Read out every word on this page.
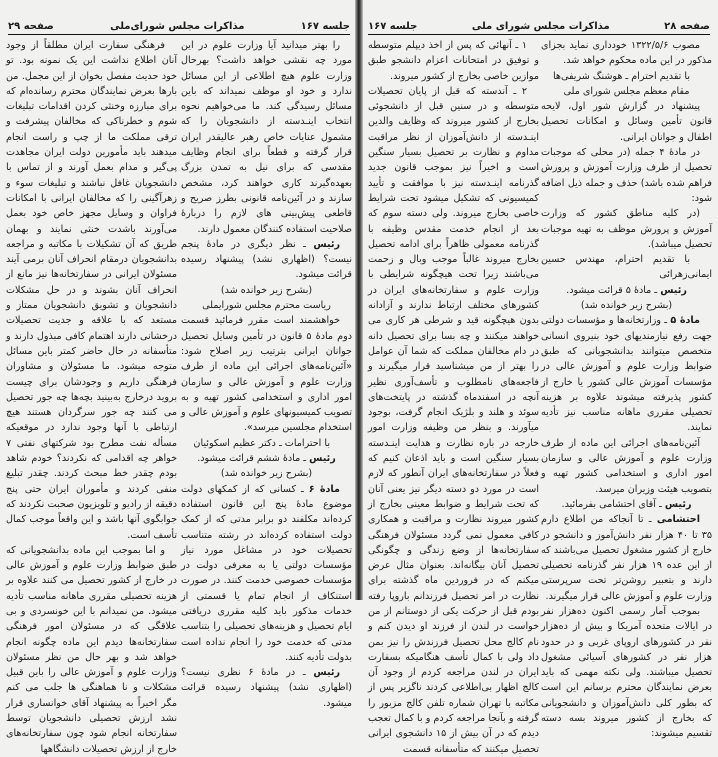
صفحه ۲۹	مذاکرات مجلس شورای‌ملی	جلسه ۱۶۷

را بهتر میدانید آیا وزارت علوم در این مورد چه نقشی خواهد داشت؟ بهرحال وزارت علوم هیچ اطلاعی از این مسائل ندارد و خود او موظف نمیداند که باین مسائل رسیدگی کند. ما می‌خواهیم نحوه انتخاب اینـدسته از دانشجویان را که مشمول عنایات خاص رهبر عالیقدر ایران قرار گرفته و قطعاً برای انجام وظایف مقدسی که برای نیل به تمدن بزرگ بعهده‌گیرند کاری خواهند کرد، مشخص سازند و در آئین‌نامه قانونی بطرز صریح و قاطعی پیش‌بینی های لازم را دربارهٔ صلاحیت استفاده کنندگان معمول دارند.

رئیس ـ نظر دیگری در مادهٔ پنجم نیست؟ (اظهاری نشد) پیشنهاد رسیده قرائت میشود.

(بشرح زیر خوانده شد)

ریاست محترم مجلس شورایملی

خواهشمند است مقرر فرمائید قسمت دوم مادهٔ ۵ قانون در تأمین وسایل تحصیل جوانان ایرانی بترتیب زیر اصلاح شود: «آئین‌نامه‌های اجرائی این ماده از طرف وزارت علوم و آموزش عالی و سازمان امور اداری و استخدامی کشور تهیه و به تصویب کمیسیونهای علوم و آموزش عالی و استخدام مجلسین میرسد».

با احترامات ـ دکتر عظیم اسکوئیان

رئیس ـ مادهٔ ششم قرائت میشود.

(بشرح زیر خوانده شد)

مادهٔ ۶ ـ کسانی که از کمکهای دولت موضوع مادهٔ پنج این قانون استفاده کرده‌اند مکلفند دو برابر مدتی که از کمک دولت استفاده کرده‌اند در رشته متناسب تحصیلات خود در مشاغل مورد نیاز مؤسسات دولتی یا به معرفی دولت در مؤسسات خصوصی خدمت کنند. در صورت استنکاف از انجام تمام یا قسمتی از خدمات مذکور باید کلیه مقرری دریافتی ایام تحصیل و هزینه‌های تحصیلی را بتناسب مدتی که خدمت خود را انجام نداده است بدولت تأدیه کنند.

رئیس ـ در مادهٔ ۶ نظری نیست؟ (اظهاری نشد) پیشنهاد رسیده قرائت میشود.

فرهنگی سفارت ایران مطلقاً از وجود آنان اطلاع نداشت این یک نمونه بود. تو خود حدیث مفصل بخوان از این مجمل. من بارها بعرض نمایندگان محترم رسانده‌ام که برای مبارزه وخنثی کردن اقدامات تبلیغات شوم و خطرناکی که مخالفان پیشرفت و ترقی مملکت ما از چپ و راست انجام میدهند باید مأمورین دولت ایران مجاهدت پی‌گیر و مدام بعمل آورند و از تماس با دانشجویان غافل نباشند و تبلیغات سوء و زهرآگینی را که مخالفان ایرانی با امکانات فراوان و وسایل مجهز خاص خود بعمل می‌آورند باشدت خنثی نمایند و بهمان طریق که آن تشکیلات با مکاتبه و مراجعه بدانشجویان درمقام انحراف آنان برمی آیند مسئولان ایرانی در سفارتخانه‌ها نیز مانع از انحراف آنان بشوند و در حل مشکلات دانشجویان و تشویق دانشجویان ممتاز و مستعد که با علاقه و جدیت تحصیلات درخشانی دارند اهتمام کافی مبذول دارند و متأسفانه در حال حاضر کمتر باین مسائل متوجه میشود. ما مسئولان و مشاوران فرهنگی داریم و وجودشان برای چیست بروید درخارج به‌بینید بچه‌ها چه جور تحصیل می کنند چه جور سرگردان هستند هیچ ارتباطی با آنها وجود ندارد در موقعیکه مسأله نفت مطرح بود شرکتهای نفتی ۷ خواهر چه اقدامی که نکردند؟ خودم شاهد بودم چقدر خط مبحث کردند. چقدر تبلیغ منفی کردند و مأموران ایران حتی پنج دقیقه از رادیو و تلویزیون صحبت نکردند که جوابگوی آنها باشد و این واقعاً موجب کمال تأسف است.

و اما بموجب این ماده بدانشجویانی که طبق ضوابط وزارت علوم و آموزش عالی در خارج از کشور تحصیل می کنند علاوه بر هزینه تحصیلی مقرری ماهانه مناسب تأدیه میشود. من نمیدانم با این خونسردی و بی علاقگی که در مسئولان امور فرهنگی سفارتخانه‌ها دیدم این ماده چگونه انجام خواهد شد و بهر حال من نظر مسئولان وزارت علوم و آموزش عالی را باین قبیل مشکلات و نا هماهنگی ها جلب می کنم مگر اخیراً به پیشنهاد آقای خوانساری قرار نشد ارزش تحصیلی دانشجویان توسط سفارتخانه انجام شود چون سفارتخانه‌های خارج از ارزش تحصیلات دانشگاهها

جلسه ۱۶۷	مذاکرات مجلس شورای ملی	صفحه ۲۸

مصوب ۱۳۲۲/۵/۶ خودداری نماید بجزای مذکور در این ماده محکوم خواهد شد.

با تقدیم احترام ـ هوشنگ شریفی‌ها

مقام معظم مجلس شورای ملی

پیشنهاد در گزارش شور اول، لایحه قانون تأمین وسائل و امکانات تحصیل اطفال و جوانان ایرانی.

در مادهٔ ۴ جمله (در محلی که موجبات تحصیل از طرف وزارت آموزش و پرورش فراهم شده باشد) حذف و جمله ذیل اضافه شود:

(در کلیه مناطق کشور که وزارت آموزش و پرورش موظف به تهیه موجبات تحصیل میباشد).

با تقدیم احترام، مهندس حسین ایمانی‌زهرائی

رئیس ـ مادهٔ ۵ قرائت میشود.

(بشرح زیر خوانده شد)

مادهٔ ۵ ـ وزارتخانه‌ها و مؤسسات دولتی جهت رفع نیازمندیهای خود بنیروی انسانی متخصص میتوانند بدانشجویانی که طبق ضوابط وزارت علوم و آموزش عالی در مؤسسات آموزش عالی کشور یا خارج از کشور پذیرفته میشوند علاوه بر هزینه تحصیلی مقرری ماهانه مناسب نیز تأدیه نمایند.

آئین‌نامه‌های اجرائی این ماده از طرف وزارت علوم و آموزش عالی و سازمان امور اداری و استخدامی کشور تهیه و بتصویب هیئت وزیران میرسد.

رئیس ـ آقای احتشامی بفرمائید.

احتشامی ـ تا آنجاکه من اطلاع دارم ۳۵ تا ۴۰ هزار نفر دانش‌آموز و دانشجو در خارج از کشور مشغول تحصیل می‌باشند که از این عده ۱۹ هزار نفر گذرنامه تحصیلی دارند و بتعبیر روشن‌تر تحت سرپرستی وزارت علوم و آموزش عالی قرار میگیرند.

بموجب آمار رسمی اکنون ده‌هزار نفر در ایالات متحده آمریکا و بیش از ده‌هزار نفر در کشورهای اروپای غربی و در حدود هزار نفر در کشورهای آسیائی مشغول تحصیل میباشند. ولی نکته مهمی که باید بعرض نمایندگان محترم برسانم این است که بطور کلی دانش‌آموزان و دانشجویانی که بخارج از کشور میروند بسه دسته تقسیم میشوند:

۱ ـ آنهائی که پس از اخذ دیپلم متوسطه و توفیق در امتحانات اعزام دانشجو طبق موازین خاصی بخارج از کشور میروند.

۲ ـ آندسته که قبل از پایان تحصیلات متوسطه و در سنین قبل از دانشجوئی بخارج از کشور میروند که وظایف والدین اینـدسته از دانش‌آموزان از نظر مراقبت مداوم و نظارت بر تحصیل بسیار سنگین است و اخیراً نیز بموجب قانون جدید گذرنامه اینـدسته نیز با موافقت و تأیید کمیسیونی که تشکیل میشود تحت شرایط خاصی بخارج میروند. ولی دسته سوم که بعد از انجام خدمت مقدس وظیفه با گذرنامه معمولی ظاهراً برای ادامه تحصیل بخارج میروند غالباً موجب وبال و زحمت می‌باشند زیرا تحت هیچگونه شرایطی با وزارت علوم و سفارتخانه‌های ایران در کشورهای مختلف ارتباط ندارند و آزادانه بدون هیچگونه قید و شرطی هر کاری می خواهند میکنند و چه بسا برای تحصیل دانه در دام مخالفان مملکت که شما آن عوامل را بهتر از من میشناسید قرار میگیرند و فاجعه‌های نامطلوب و تأسف‌آوری نظیر آنچه در اسفندماه گذشته در پایتخت‌های سوئد و هلند و بلژیک انجام گرفت، بوجود میآورند. و بنظر من وظیفه وزارت امور خارجه در باره نظارت و هدایت اینـدسته بسیار سنگین است و باید اذعان کنیم که فعلاً در سفارتخانه‌های ایران آنطور که لازم است در مورد دو دسته دیگر نیز یعنی آنان که تحت شرایط و ضوابط معینی بخارج از کشور میروند نظارت و مراقبت و همکاری کافی معمول نمی گردد مسئولان فرهنگی سفارتخانه‌ها از وضع زندگی و چگونگی تحصیل آنان بیگانه‌اند. بعنوان مثال عرض میکنم که در فروردین ماه گذشته برای نظارت در امر تحصیل فرزندانم باروپا رفته بودم قبل از حرکت یکی از دوستانم از من خواست در لندن از فرزند او دیدن کنم و نام کالج محل تحصیل فرزندش را نیز بمن داد ولی با کمال تأسف هنگامیکه بسفارت ایران در لندن مراجعه کردم از وجود آن کالج اظهار بی‌اطلاعی کردند ناگزیر پس از مکاتبه با تهران شماره تلفن کالج مزبور را گرفته و بآنجا مراجعه کردم و با کمال تعجب دیدم که در آن بیش از ۱۵ دانشجوی ایرانی تحصیل میکنند که متأسفانه قسمت
